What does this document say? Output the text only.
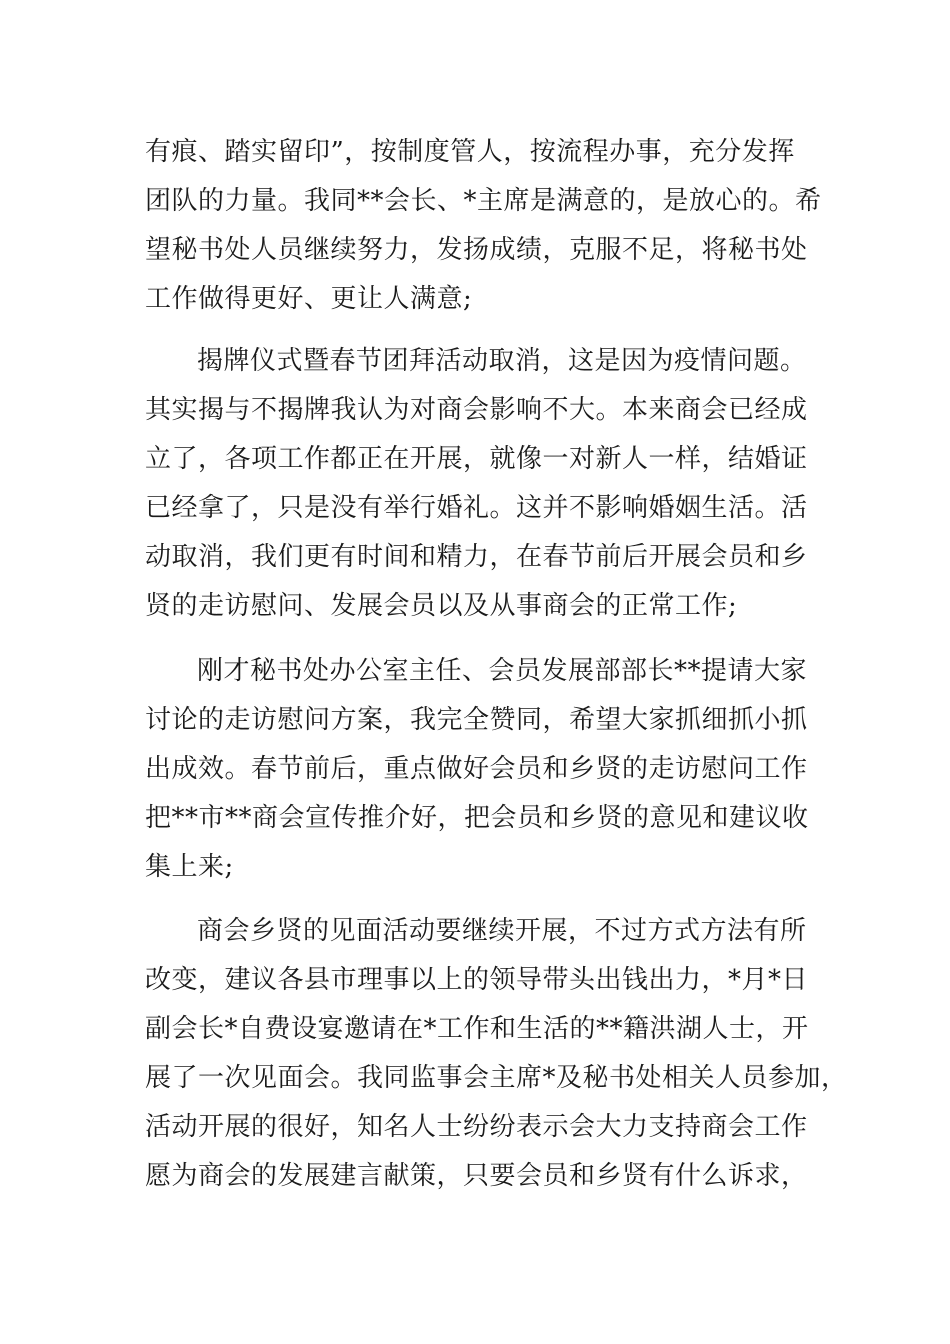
有痕、踏实留印”，按制度管人，按流程办事，充分发挥
团队的力量。我同**会长、*主席是满意的，是放心的。希
望秘书处人员继续努力，发扬成绩，克服不足，将秘书处
工作做得更好、更让人满意;
揭牌仪式暨春节团拜活动取消，这是因为疫情问题。
其实揭与不揭牌我认为对商会影响不大。本来商会已经成
立了，各项工作都正在开展，就像一对新人一样，结婚证
已经拿了，只是没有举行婚礼。这并不影响婚姻生活。活
动取消，我们更有时间和精力，在春节前后开展会员和乡
贤的走访慰问、发展会员以及从事商会的正常工作;
刚才秘书处办公室主任、会员发展部部长**提请大家
讨论的走访慰问方案，我完全赞同，希望大家抓细抓小抓
出成效。春节前后，重点做好会员和乡贤的走访慰问工作
把**市**商会宣传推介好，把会员和乡贤的意见和建议收
集上来;
商会乡贤的见面活动要继续开展，不过方式方法有所
改变，建议各县市理事以上的领导带头出钱出力，*月*日
副会长*自费设宴邀请在*工作和生活的**籍洪湖人士，开
展了一次见面会。我同监事会主席*及秘书处相关人员参加，
活动开展的很好，知名人士纷纷表示会大力支持商会工作
愿为商会的发展建言献策，只要会员和乡贤有什么诉求，
